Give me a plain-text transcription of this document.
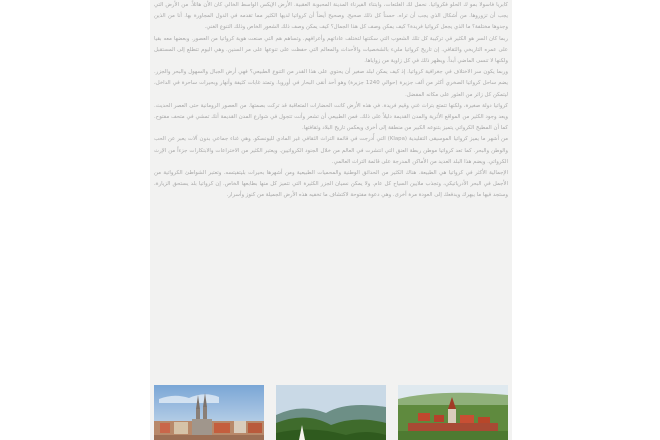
كابريا فاسولا بمو ك الحلو فكرواتيا. نحمل لك الغلتعات، وابتناء الفيرناء المدينة المحبوبة العقبية. الأرض الإيكس الواسط الخالي كان الأن هائلاً. من الأرض التي يجب أن تزوروها. من أشكال الذي يجب أن تراه. حسناً كل ذلك صحيح. وصحيح أيضاً أن كرواتيا لديها الكثير مما تقدمه في الدول المجاورة بها. أنا من الذين وجدوها مختلفة؟ ما الذي يجعل كرواتيا فريدة؟ كيف يمكن وصف كل هذا الجمال؟ كيف يمكن وصف ذلك الشعور الخاص وذلك التنوع الغني.

ربما كان السر هو الكثير في تركيبة كل تلك الشعوب التي سكنتها لتختلف عاداتهم وأعرافهم. وتساهم هم التي صنعت هوية كرواتيا من العصور. وبعضها معه بقيا على عمره التاريخي والثقافي. إن تاريخ كرواتيا مليء بالشخصيات والأحداث والمعالم التي حفظت على تنوعها على مر السنين. وهي اليوم تتطلع إلى المستقبل ولكنها لا تنسى الماضي أبداً. ويظهر ذلك في كل زاوية من زواياها.

وربما يكون سر الاختلاف في جغرافية كرواتيا. إذ كيف يمكن لبلد صغير أن يحتوي على هذا القدر من التنوع الطبيعي؟ فهي أرض الجبال والسهول والبحر والجزر. يضم ساحل كرواتيا الصخري أكثر من ألف جزيرة (حوالي 1240 جزيرة) وهو أحد أنقى البحار في أوروبا. وتمتد غابات كثيفة وأنهار وبحيرات ساحرة في الداخل، ليتمكن كل زائر من العثور على مكانه المفضل.

كرواتيا دولة صغيرة، ولكنها تتمتع بتراث غني وقيم فريدة. في هذه الأرض كانت الحضارات المتعاقبة قد تركت بصمتها. من العصور الرومانية حتى العصر الحديث. ويعد وجود الكثير من المواقع الأثرية والمدن القديمة دليلاً على ذلك. فمن الطبيعي أن تشعر وأنت تتجول في شوارع المدن القديمة أنك تمشي في متحف مفتوح. كما أن المطبخ الكرواتي يتميز بتنوعه الكبير من منطقة إلى أخرى ويعكس تاريخ البلاد وثقافتها.

من أشهر ما يميز كرواتيا الموسيقى التقليدية (Klapa) التي أُدرجت في قائمة التراث الثقافي غير المادي لليونسكو. وهي غناء جماعي بدون آلات يعبر عن الحب والوطن والبحر. كما تعد كرواتيا موطن ربطة العنق التي انتشرت في العالم من خلال الجنود الكرواتيين. ويعتبر الكثير من الاختراعات والابتكارات جزءاً من الإرث الكرواتي. ويضم هذا البلد العديد من الأماكن المدرجة على قائمة التراث العالمي.

الإجمالية الأكثر في كرواتيا هي الطبيعة. هناك الكثير من الحدائق الوطنية والمحميات الطبيعية ومن أشهرها بحيرات بليتفيتسه. وتعتبر الشواطئ الكرواتية من الأجمل في البحر الأدرياتيكي، وتجذب ملايين السياح كل عام. ولا يمكن نسيان الجزر الكثيرة التي تتميز كل منها بطابعها الخاص. إن كرواتيا بلد يستحق الزيارة، وستجد فيها ما يبهرك ويدفعك إلى العودة مرة أخرى. وهي دعوة مفتوحة لاكتشاف ما تخفيه هذه الأرض الجميلة من كنوز وأسرار.
